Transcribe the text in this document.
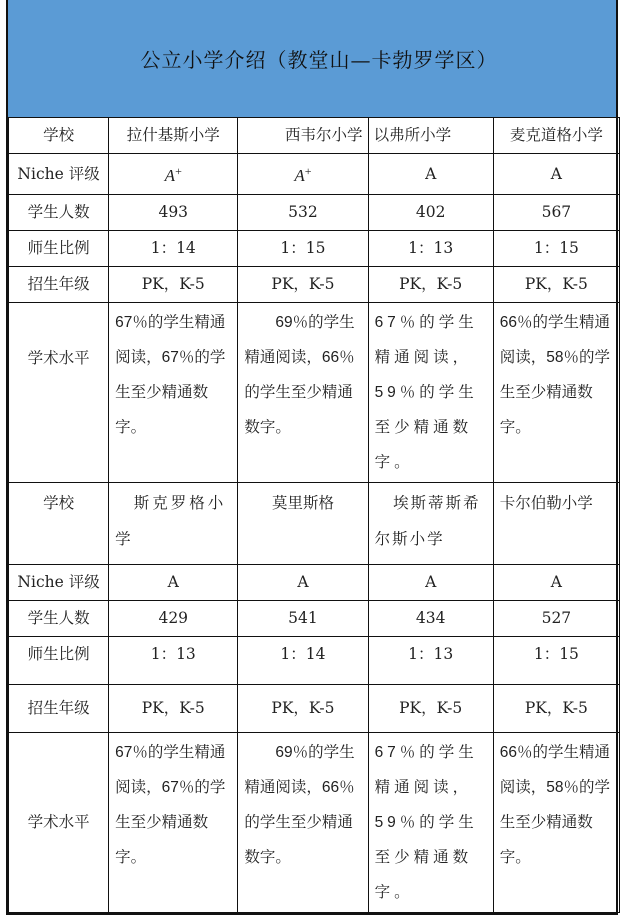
公立小学介绍（教堂山—卡勃罗学区）
学校	拉什基斯小学	西韦尔小学	以弗所小学	麦克道格小学
Niche 评级	A+	A+	A	A
学生人数	493	532	402	567
师生比例	1：14	1：15	1：13	1：15
招生年级	PK，K-5	PK，K-5	PK，K-5	PK，K-5
学术水平	67％的学生精通阅读，67％的学生至少精通数字。	69％的学生精通阅读，66％的学生至少精通数字。	67％的学生精通阅读，59％的学生至少精通数字。	66％的学生精通阅读，58％的学生至少精通数字。
学校	斯克罗格小学	莫里斯格	埃斯蒂斯希尔斯小学	卡尔伯勒小学
Niche 评级	A	A	A	A
学生人数	429	541	434	527
师生比例	1：13	1：14	1：13	1：15
招生年级	PK，K-5	PK，K-5	PK，K-5	PK，K-5
学术水平	67％的学生精通阅读，67％的学生至少精通数字。	69％的学生精通阅读，66％的学生至少精通数字。	67％的学生精通阅读，59％的学生至少精通数字。	66％的学生精通阅读，58％的学生至少精通数字。
